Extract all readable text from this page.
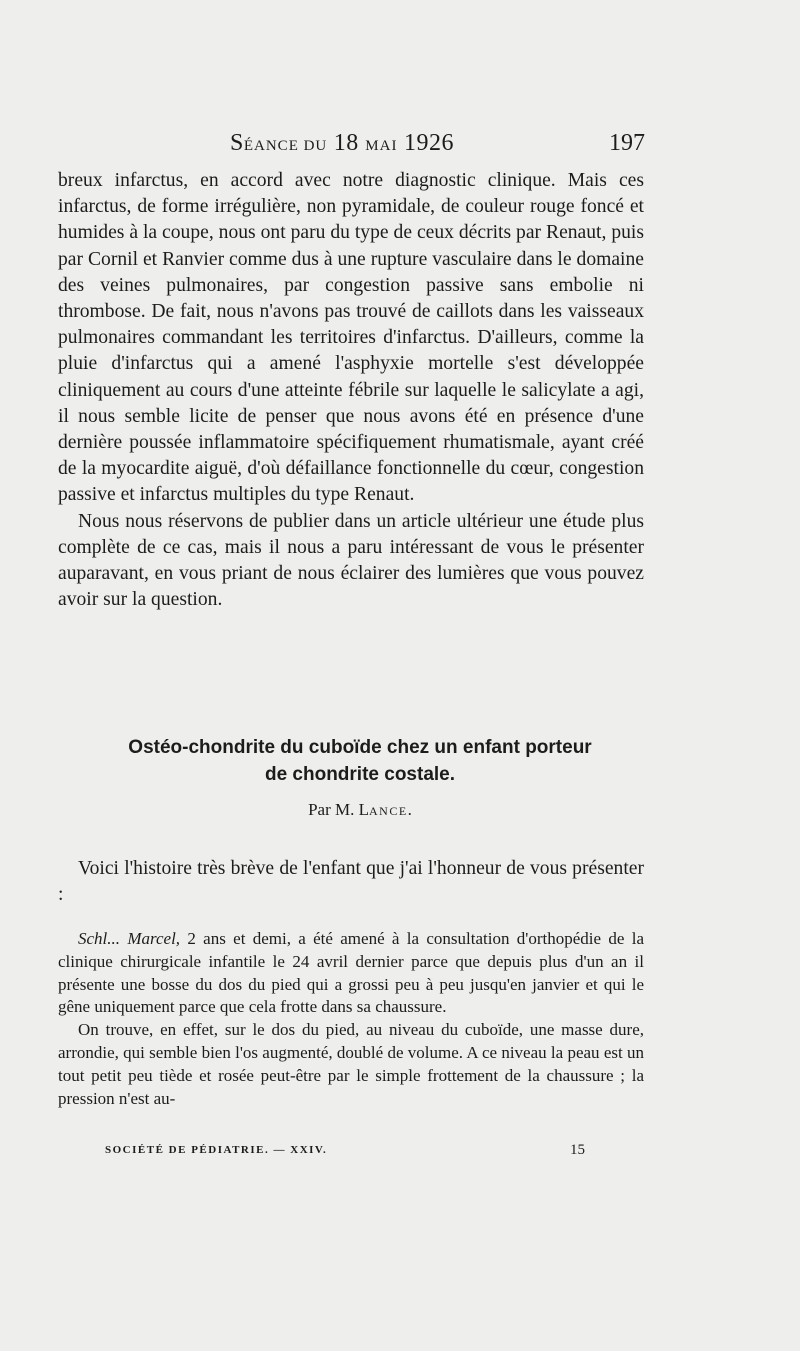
SÉANCE DU 18 MAI 1926	197

breux infarctus, en accord avec notre diagnostic clinique. Mais ces infarctus, de forme irrégulière, non pyramidale, de couleur rouge foncé et humides à la coupe, nous ont paru du type de ceux décrits par Renaut, puis par Cornil et Ranvier comme dus à une rupture vasculaire dans le domaine des veines pulmonaires, par congestion passive sans embolie ni thrombose. De fait, nous n'avons pas trouvé de caillots dans les vaisseaux pulmonaires commandant les territoires d'infarctus. D'ailleurs, comme la pluie d'infarctus qui a amené l'asphyxie mortelle s'est développée cliniquement au cours d'une atteinte fébrile sur laquelle le salicylate a agi, il nous semble licite de penser que nous avons été en présence d'une dernière poussée inflammatoire spécifiquement rhumatismale, ayant créé de la myocardite aiguë, d'où défaillance fonctionnelle du cœur, congestion passive et infarctus multiples du type Renaut.

Nous nous réservons de publier dans un article ultérieur une étude plus complète de ce cas, mais il nous a paru intéressant de vous le présenter auparavant, en vous priant de nous éclairer des lumières que vous pouvez avoir sur la question.

Ostéo-chondrite du cuboïde chez un enfant porteur
de chondrite costale.
Par M. LANCE.

Voici l'histoire très brève de l'enfant que j'ai l'honneur de vous présenter :

Schl... Marcel, 2 ans et demi, a été amené à la consultation d'orthopédie de la clinique chirurgicale infantile le 24 avril dernier parce que depuis plus d'un an il présente une bosse du dos du pied qui a grossi peu à peu jusqu'en janvier et qui le gêne uniquement parce que cela frotte dans sa chaussure.

On trouve, en effet, sur le dos du pied, au niveau du cuboïde, une masse dure, arrondie, qui semble bien l'os augmenté, doublé de volume. A ce niveau la peau est un tout petit peu tiède et rosée peut-être par le simple frottement de la chaussure ; la pression n'est au-

SOCIÉTÉ DE PÉDIATRIE. — XXIV.	15
